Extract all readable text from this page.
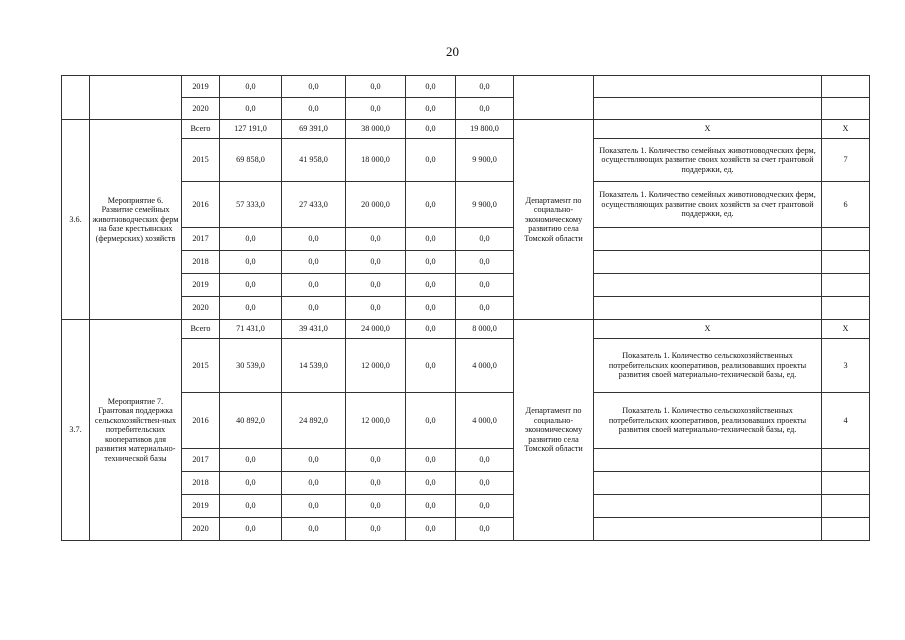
20
		2019	0,0	0,0	0,0	0,0	0,0			
		2020	0,0	0,0	0,0	0,0	0,0			
3.6.	Мероприятие 6. Развитие семейных животноводческих ферм на базе крестьянских (фермерских) хозяйств	Всего	127 191,0	69 391,0	38 000,0	0,0	19 800,0	Департамент по социально-экономическому развитию села Томской области	Х	Х
		2015	69 858,0	41 958,0	18 000,0	0,0	9 900,0		Показатель 1. Количество семейных животноводческих ферм, осуществляющих развитие своих хозяйств за счет грантовой поддержки, ед.	7
		2016	57 333,0	27 433,0	20 000,0	0,0	9 900,0		Показатель 1. Количество семейных животноводческих ферм, осуществляющих развитие своих хозяйств за счет грантовой поддержки, ед.	6
		2017	0,0	0,0	0,0	0,0	0,0			
		2018	0,0	0,0	0,0	0,0	0,0			
		2019	0,0	0,0	0,0	0,0	0,0			
		2020	0,0	0,0	0,0	0,0	0,0			
3.7.	Мероприятие 7. Грантовая поддержка сельскохозяйствен-ных потребительских кооперативов для развития материально-технической базы	Всего	71 431,0	39 431,0	24 000,0	0,0	8 000,0	Департамент по социально-экономическому развитию села Томской области	Х	Х
		2015	30 539,0	14 539,0	12 000,0	0,0	4 000,0		Показатель 1. Количество сельскохозяйственных потребительских кооперативов, реализовавших проекты развития своей материально-технической базы, ед.	3
		2016	40 892,0	24 892,0	12 000,0	0,0	4 000,0		Показатель 1. Количество сельскохозяйственных потребительских кооперативов, реализовавших проекты развития своей материально-технической базы, ед.	4
		2017	0,0	0,0	0,0	0,0	0,0			
		2018	0,0	0,0	0,0	0,0	0,0			
		2019	0,0	0,0	0,0	0,0	0,0			
		2020	0,0	0,0	0,0	0,0	0,0			
